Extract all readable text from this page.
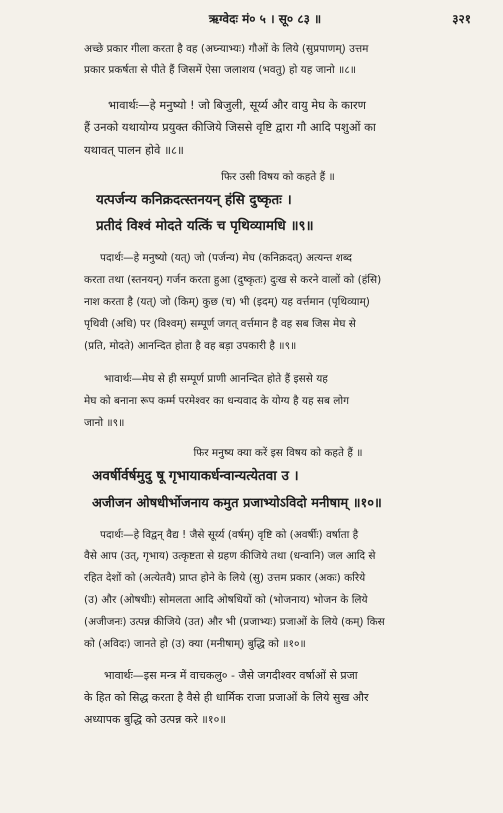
ऋग्वेदः मं० ५ । सू० ८३ ॥	३२१
अच्छे प्रकार गीला करता है वह (अघ्न्याभ्यः) गौओं के लिये (सुप्रपाणम्) उत्तम
प्रकार प्रकर्षता से पीते हैं जिसमें ऐसा जलाशय (भवतु) हो यह जानो ॥८॥
भावार्थः—हे मनुष्यो ! जो बिजुली, सूर्य्य और वायु मेघ के कारण
हैं उनको यथायोग्य प्रयुक्त कीजिये जिससे वृष्टि द्वारा गौ आदि पशुओं का
यथावत् पालन होवे ॥८॥
फिर उसी विषय को कहते हैं ॥
यत्पर्जन्य कनिक्रदत्स्तनयन् हंसि दुष्कृतः ।
प्रतीदं विश्वं मोदते यत्किं च पृथिव्यामधि ॥९॥
पदार्थः—हे मनुष्यो (यत्) जो (पर्जन्य) मेघ (कनिक्रदत्) अत्यन्त शब्द
करता तथा (स्तनयन्) गर्जन करता हुआ (दुष्कृतः) दुःख से करने वालों को (हंसि)
नाश करता है (यत्) जो (किम्) कुछ (च) भी (इदम्) यह वर्त्तमान (पृथिव्याम्)
पृथिवी (अधि) पर (विश्वम्) सम्पूर्ण जगत् वर्त्तमान है वह सब जिस मेघ से
(प्रति, मोदते) आनन्दित होता है वह बड़ा उपकारी है ॥९॥
भावार्थः—मेघ से ही सम्पूर्ण प्राणी आनन्दित होते हैं इससे यह
मेघ को बनाना रूप कर्म्म परमेश्वर का धन्यवाद के योग्य है यह सब लोग
जानो ॥९॥
फिर मनुष्य क्या करें इस विषय को कहते हैं ॥
अवर्षीर्वर्षमुदु षू गृभायाकर्धन्वान्यत्येतवा उ ।
अजीजन ओषधीर्भोजनाय कमुत प्रजाभ्योऽविदो मनीषाम् ॥१०॥
पदार्थः—हे विद्वन् वैद्य ! जैसे सूर्य्य (वर्षम्) वृष्टि को (अवर्षीः) वर्षाता है
वैसे आप (उत्, गृभाय) उत्कृष्टता से ग्रहण कीजिये तथा (धन्वानि) जल आदि से
रहित देशों को (अत्येतवै) प्राप्त होने के लिये (सु) उत्तम प्रकार (अकः) करिये
(उ) और (ओषधीः) सोमलता आदि ओषधियों को (भोजनाय) भोजन के लिये
(अजीजनः) उत्पन्न कीजिये (उत) और भी (प्रजाभ्यः) प्रजाओं के लिये (कम्) किस
को (अविदः) जानते हो (उ) क्या (मनीषाम्) बुद्धि को ॥१०॥
भावार्थः—इस मन्त्र में वाचकलु० - जैसे जगदीश्वर वर्षाओं से प्रजा
के हित को सिद्ध करता है वैसे ही धार्मिक राजा प्रजाओं के लिये सुख और
अध्यापक बुद्धि को उत्पन्न करे ॥१०॥
